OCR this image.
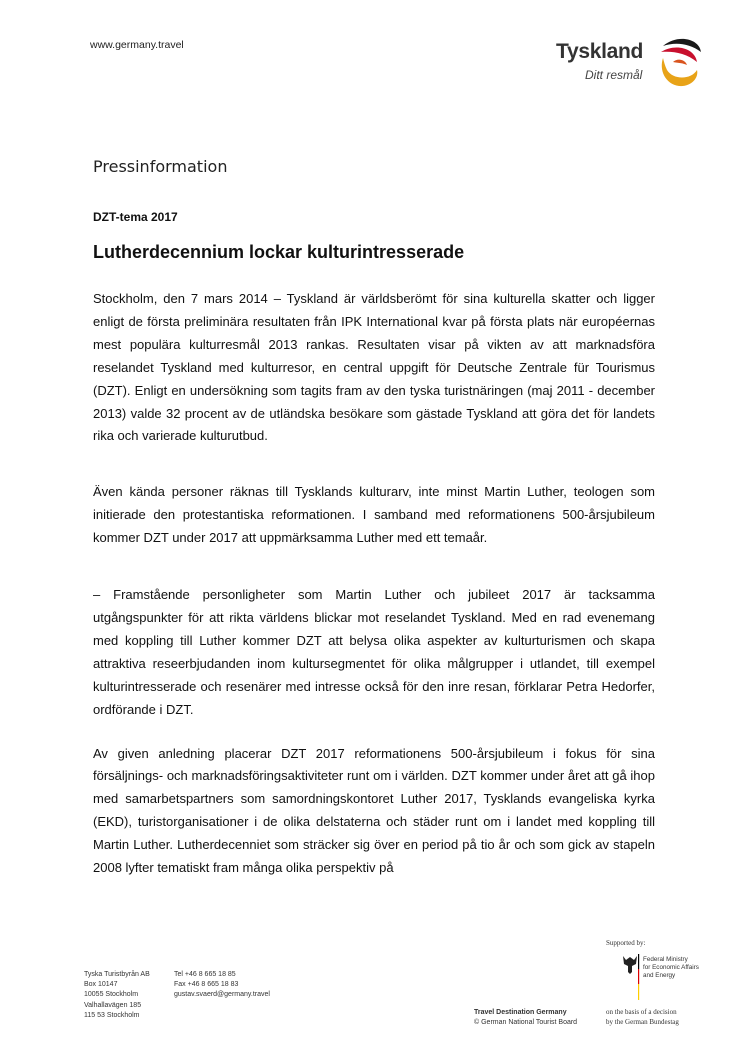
www.germany.travel	Tyskland
Ditt resmål
Pressinformation
DZT-tema 2017
Lutherdecennium lockar kulturintresserade

Stockholm, den 7 mars 2014 – Tyskland är världsberömt för sina kulturella skatter och ligger enligt de första preliminära resultaten från IPK International kvar på första plats när européernas mest populära kulturresmål 2013 rankas. Resultaten visar på vikten av att marknadsföra reselandet Tyskland med kulturresor, en central uppgift för Deutsche Zentrale für Tourismus (DZT). Enligt en undersökning som tagits fram av den tyska turistnäringen (maj 2011 - december 2013) valde 32 procent av de utländska besökare som gästade Tyskland att göra det för landets rika och varierade kulturutbud.

Även kända personer räknas till Tysklands kulturarv, inte minst Martin Luther, teologen som initierade den protestantiska reformationen. I samband med reformationens 500-årsjubileum kommer DZT under 2017 att uppmärksamma Luther med ett temaår.

– Framstående personligheter som Martin Luther och jubileet 2017 är tacksamma utgångspunkter för att rikta världens blickar mot reselandet Tyskland. Med en rad evenemang med koppling till Luther kommer DZT att belysa olika aspekter av kulturturismen och skapa attraktiva reseerbjudanden inom kultursegmentet för olika målgrupper i utlandet, till exempel kulturintresserade och resenärer med intresse också för den inre resan, förklarar Petra Hedorfer, ordförande i DZT.

Av given anledning placerar DZT 2017 reformationens 500-årsjubileum i fokus för sina försäljnings- och marknadsföringsaktiviteter runt om i världen. DZT kommer under året att gå ihop med samarbetspartners som samordningskontoret Luther 2017, Tysklands evangeliska kyrka (EKD), turistorganisationer i de olika delstaterna och städer runt om i landet med koppling till Martin Luther. Lutherdecenniet som sträcker sig över en period på tio år och som gick av stapeln 2008 lyfter tematiskt fram många olika perspektiv på

Tyska Turistbyrån AB
Box 10147
10055 Stockholm
Valhallavägen 185
115 53 Stockholm
Tel +46 8 665 18 85
Fax +46 8 665 18 83
gustav.svaerd@germany.travel
Travel Destination Germany
© German National Tourist Board
Supported by:
Federal Ministry
for Economic Affairs
and Energy
on the basis of a decision
by the German Bundestag
